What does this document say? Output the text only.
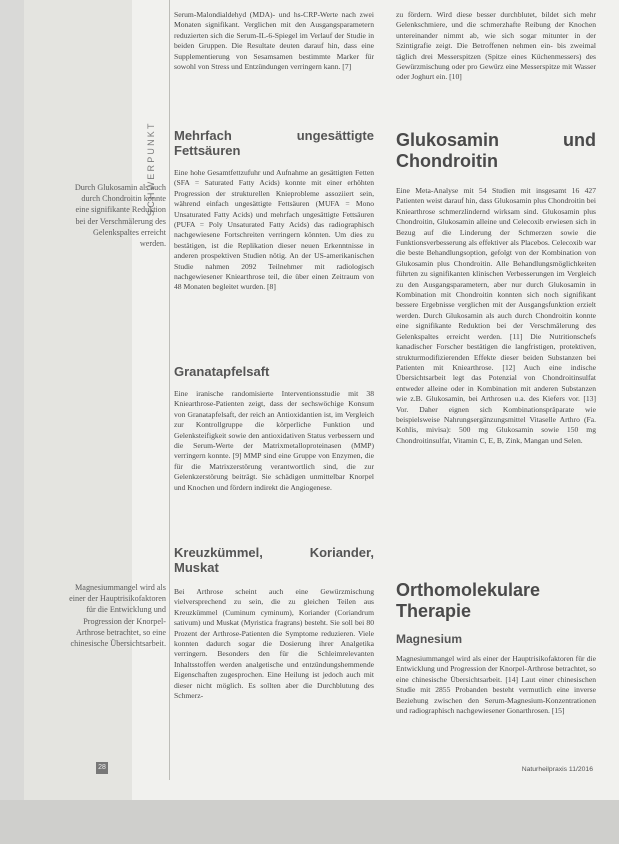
SCHWERPUNKT
Durch Glukosamin als auch durch Chondroitin konnte eine signifikante Reduktion bei der Verschmälerung des Gelenkspaltes erreicht werden.
Magnesiummangel wird als einer der Hauptrisikofaktoren für die Entwicklung und Progression der Knorpel-Arthrose betrachtet, so eine chinesische Übersichtsarbeit.

Serum-Malondialdehyd (MDA)- und hs-CRP-Werte nach zwei Monaten signifikant. Verglichen mit den Ausgangsparametern reduzierten sich die Serum-IL-6-Spiegel im Verlauf der Studie in beiden Gruppen. Die Resultate deuten darauf hin, dass eine Supplementierung von Sesamsamen bestimmte Marker für sowohl von Stress und Entzündungen verringern kann. [7]

Mehrfach ungesättigte Fettsäuren

Eine hohe Gesamtfettzufuhr und Aufnahme an gesättigten Fetten (SFA = Saturated Fatty Acids) konnte mit einer erhöhten Progression der strukturellen Knieprobleme assoziiert sein, während einfach ungesättigte Fettsäuren (MUFA = Mono Unsaturated Fatty Acids) und mehrfach ungesättigte Fettsäuren (PUFA = Poly Unsaturated Fatty Acids) das radiographisch nachgewiesene Fortschreiten verringern könnten. Um dies zu bestätigen, ist die Replikation dieser neuen Erkenntnisse in anderen prospektiven Studien nötig. An der US-amerikanischen Studie nahmen 2092 Teilnehmer mit radiologisch nachgewiesener Kniearthrose teil, die über einen Zeitraum von 48 Monaten begleitet wurden. [8]

Granatapfelsaft

Eine iranische randomisierte Interventionsstudie mit 38 Kniearthrose-Patienten zeigt, dass der sechswöchige Konsum von Granatapfelsaft, der reich an Antioxidantien ist, im Vergleich zur Kontrollgruppe die körperliche Funktion und Gelenksteifigkeit sowie den antioxidativen Status verbessern und die Serum-Werte der Matrixmetalloproteinasen (MMP) verringern konnte. [9] MMP sind eine Gruppe von Enzymen, die für die Matrixzerstörung verantwortlich sind, die zur Gelenkzerstörung beiträgt. Sie schädigen unmittelbar Knorpel und Knochen und fördern indirekt die Angiogenese.

Kreuzkümmel, Koriander, Muskat

Bei Arthrose scheint auch eine Gewürzmischung vielversprechend zu sein, die zu gleichen Teilen aus Kreuzkümmel (Cuminum cyminum), Koriander (Coriandrum sativum) und Muskat (Myristica fragrans) besteht. Sie soll bei 80 Prozent der Arthrose-Patienten die Symptome reduzieren. Viele konnten dadurch sogar die Dosierung ihrer Analgetika verringern. Besonders den für die Schleimrelevanten Inhaltsstoffen werden analgetische und entzündungshemmende Eigenschaften zugesprochen. Eine Heilung ist jedoch auch mit dieser nicht möglich. Es sollten aber die Durchblutung des Schmerz-

zu fördern. Wird diese besser durchblutet, bildet sich mehr Gelenkschmiere, und die schmerzhafte Reibung der Knochen untereinander nimmt ab, wie sich sogar mitunter in der Szintigrafie zeigt. Die Betroffenen nehmen ein- bis zweimal täglich drei Messerspitzen (Spitze eines Küchenmessers) des Gewürzmischung oder pro Gewürz eine Messerspitze mit Wasser oder Joghurt ein. [10]

Glukosamin und Chondroitin

Eine Meta-Analyse mit 54 Studien mit insgesamt 16 427 Patienten weist darauf hin, dass Glukosamin plus Chondroitin bei Kniearthrose schmerzlindernd wirksam sind. Glukosamin plus Chondroitin, Glukosamin alleine und Celecoxib erwiesen sich in Bezug auf die Linderung der Schmerzen sowie die Funktionsverbesserung als effektiver als Placebos. Celecoxib war die beste Behandlungsoption, gefolgt von der Kombination von Glukosamin plus Chondroitin. Alle Behandlungsmöglichkeiten führten zu signifikanten klinischen Verbesserungen im Vergleich zu den Ausgangsparametern, aber nur durch Glukosamin in Kombination mit Chondroitin konnten sich noch signifikant bessere Ergebnisse verglichen mit der Ausgangsfunktion erzielt werden. Durch Glukosamin als auch durch Chondroitin konnte eine signifikante Reduktion bei der Verschmälerung des Gelenkspaltes erreicht werden. [11] Die Nutritionschefs kanadischer Forscher bestätigen die langfristigen, protektiven, strukturmodifizierenden Effekte dieser beiden Substanzen bei Patienten mit Kniearthrose. [12] Auch eine indische Übersichtsarbeit legt das Potenzial von Chondroitinsulfat entweder alleine oder in Kombination mit anderen Substanzen wie z.B. Glukosamin, bei Arthrosen u.a. des Kiefers vor. [13] Vor. Daher eignen sich Kombinationspräparate wie beispielsweise Nahrungsergänzungsmittel Vitaselle Arthro (Fa. Kohlis, mivisa): 500 mg Glukosamin sowie 150 mg Chondroitinsulfat, Vitamin C, E, B, Zink, Mangan und Selen.

Orthomolekulare Therapie
Magnesium

Magnesiummangel wird als einer der Hauptrisikofaktoren für die Entwicklung und Progression der Knorpel-Arthrose betrachtet, so eine chinesische Übersichtsarbeit. [14] Laut einer chinesischen Studie mit 2855 Probanden besteht vermutlich eine inverse Beziehung zwischen den Serum-Magnesium-Konzentrationen und radiographisch nachgewiesener Gonarthrosen. [15]

28	Naturheilpraxis 11/2016
